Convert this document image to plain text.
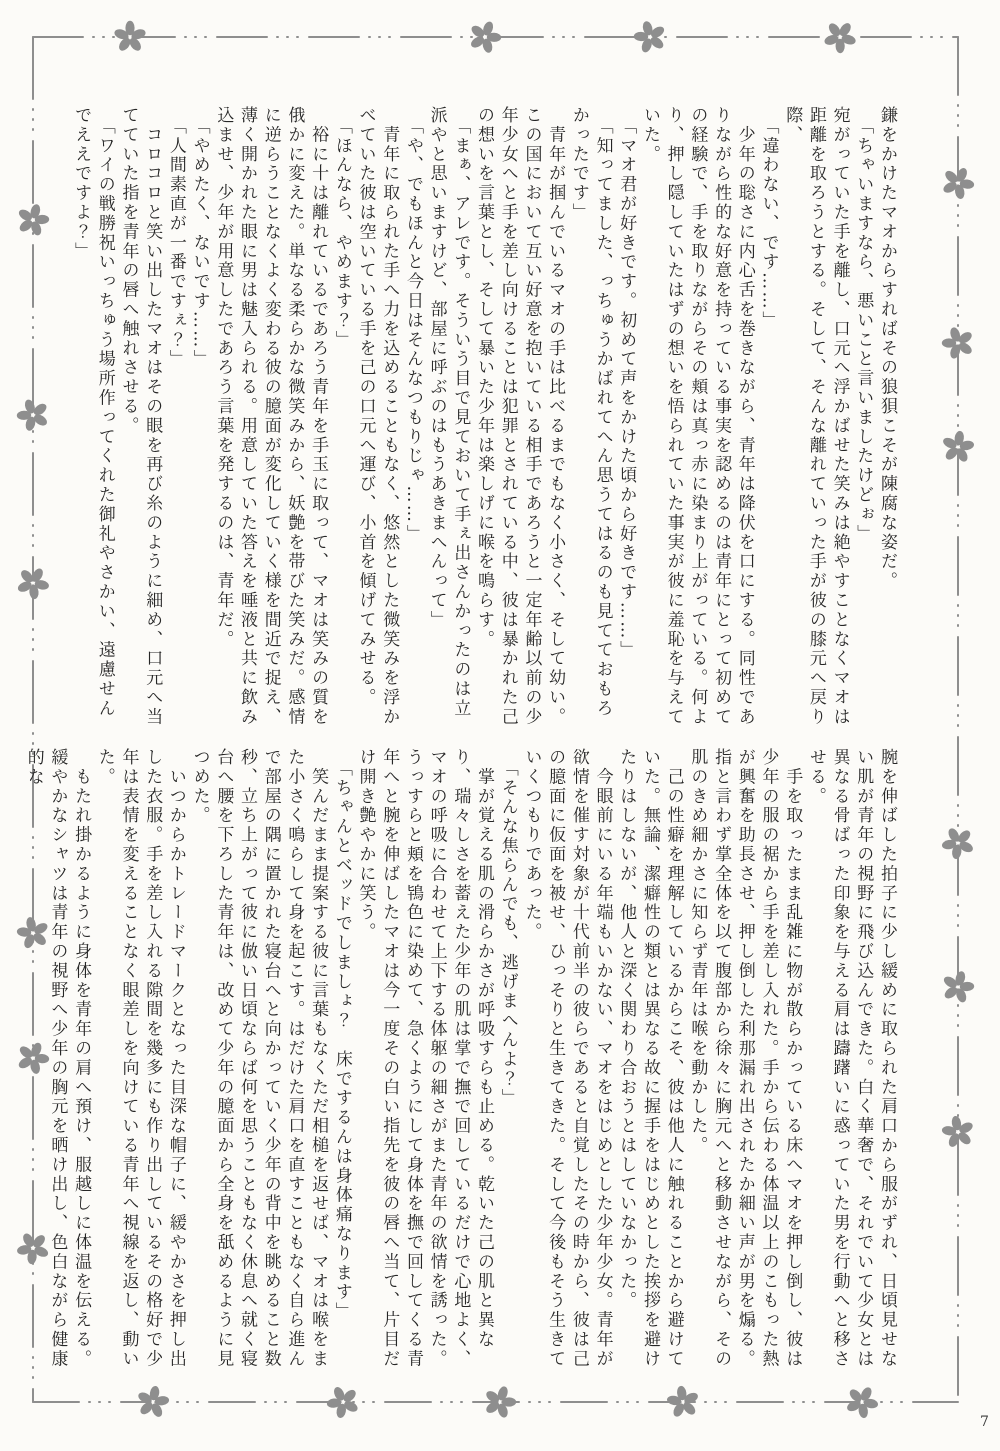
鎌をかけたマオからすればその狼狽こそが陳腐な姿だ。

　「ちゃいますなら、悪いこと言いましたけどぉ」

宛がっていた手を離し、口元へ浮かばせた笑みは絶やすことなくマオは距離を取ろうとする。そして、そんな離れていった手が彼の膝元へ戻り際、

　「違わない、です……」

　少年の聡さに内心舌を巻きながら、青年は降伏を口にする。同性でありながら性的な好意を持っている事実を認めるのは青年にとって初めての経験で、手を取りながらその頬は真っ赤に染まり上がっている。何より、押し隠していたはずの想いを悟られていた事実が彼に羞恥を与えていた。

　「マオ君が好きです。初めて声をかけた頃から好きです……」

　「知ってました、っちゅうかばれてへん思うてはるのも見てておもろかったです」

　青年が掴んでいるマオの手は比べるまでもなく小さく、そして幼い。この国において互い好意を抱いている相手であろうと一定年齢以前の少年少女へと手を差し向けることは犯罪とされている中、彼は暴かれた己の想いを言葉とし、そして暴いた少年は楽しげに喉を鳴らす。

　「まぁ、アレです。そういう目で見ておいて手ぇ出さんかったのは立派やと思いますけど、部屋に呼ぶのはもうあきまへんって」

　「や、でもほんと今日はそんなつもりじゃ……」

　青年に取られた手へ力を込めることもなく、悠然とした微笑みを浮かべていた彼は空いている手を己の口元へ運び、小首を傾げてみせる。

　「ほんなら、やめます？」

　裕に十は離れているであろう青年を手玉に取って、マオは笑みの質を俄かに変えた。単なる柔らかな微笑みから、妖艶を帯びた笑みだ。感情に逆らうことなくよく変わる彼の臆面が変化していく様を間近で捉え、薄く開かれた眼に男は魅入られる。用意していた答えを唾液と共に飲み込ませ、少年が用意したであろう言葉を発するのは、青年だ。

　「やめたく、ないです……」

　「人間素直が一番ですぇ？」

　コロコロと笑い出したマオはその眼を再び糸のように細め、口元へ当てていた指を青年の唇へ触れさせる。

　「ワイの戦勝祝いっちゅう場所作ってくれた御礼やさかい、遠慮せんでええですよ？」

腕を伸ばした拍子に少し緩めに取られた肩口から服がずれ、日頃見せない肌が青年の視野に飛び込んできた。白く華奢で、それでいて少女とは異なる骨ばった印象を与える肩は躊躇いに惑っていた男を行動へと移させる。

　手を取ったまま乱雑に物が散らかっている床へマオを押し倒し、彼は少年の服の裾から手を差し入れた。手から伝わる体温以上のこもった熱が興奮を助長させ、押し倒した利那漏れ出されたか細い声が男を煽る。指と言わず掌全体を以て腹部から徐々に胸元へと移動させながら、その肌のきめ細かさに知らず青年は喉を動かした。

　己の性癖を理解しているからこそ、彼は他人に触れることから避けていた。無論、潔癖性の類とは異なる故に握手をはじめとした挨拶を避けたりはしないが、他人と深く関わり合おうとはしていなかった。

　今眼前にいる年端もいかない、マオをはじめとした少年少女。青年が欲情を催す対象が十代前半の彼らであると自覚したその時から、彼は己の臆面に仮面を被せ、ひっそりと生きてきた。そして今後もそう生きていくつもりであった。

　「そんな焦らんでも、逃げまへんよ？」

　掌が覚える肌の滑らかさが呼吸すらも止める。乾いた己の肌と異なり、瑞々しさを蓄えた少年の肌は掌で撫で回しているだけで心地よく、マオの呼吸に合わせて上下する体躯の細さがまた青年の欲情を誘った。うっすらと頬を鴇色に染めて、急くようにして身体を撫で回してくる青年へと腕を伸ばしたマオは今一度その白い指先を彼の唇へ当て、片目だけ開き艶やかに笑う。

　「ちゃんとベッドでしましょ？　床でするんは身体痛なります」

　笑んだまま提案する彼に言葉もなくただ相槌を返せば、マオは喉をまた小さく鳴らして身を起こす。はだけた肩口を直すこともなく自ら進んで部屋の隅に置かれた寝台へと向かっていく少年の背中を眺めること数秒、立ち上がって彼に倣い日頃ならば何を思うこともなく休息へ就く寝台へ腰を下ろした青年は、改めて少年の臆面から全身を舐めるように見つめた。

　いつからかトレードマークとなった目深な帽子に、緩やかさを押し出した衣服。手を差し入れる隙間を幾多にも作り出しているその格好で少年は表情を変えることなく眼差しを向けている青年へ視線を返し、動いた。

　もたれ掛かるように身体を青年の肩へ預け、服越しに体温を伝える。緩やかなシャツは青年の視野へ少年の胸元を晒け出し、色白ながら健康的な

7
